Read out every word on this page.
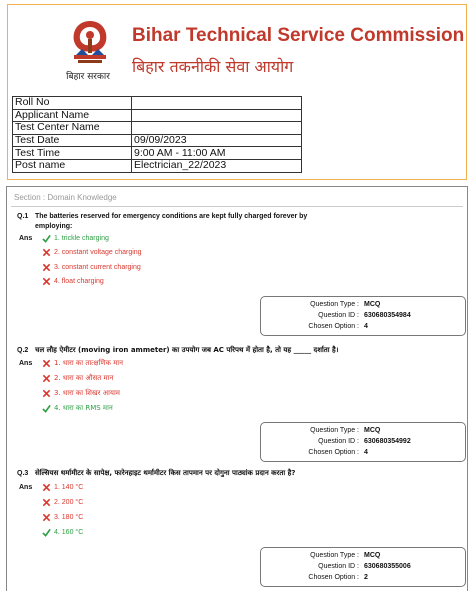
बिहार सरकार
Bihar Technical Service Commission
बिहार तकनीकी सेवा आयोग
Roll No	
Applicant Name	
Test Center Name	
Test Date	09/09/2023
Test Time	9:00 AM - 11:00 AM
Post name	Electrician_22/2023
Section : Domain Knowledge
Q.1 The batteries reserved for emergency conditions are kept fully charged forever by
employing:
Ans	1. trickle charging
2. constant voltage charging
3. constant current charging
4. float charging
Question Type : MCQ
Question ID : 630680354984
Chosen Option : 4
Q.2 चल लौह ऐमीटर (moving iron ammeter) का उपयोग जब AC परिपथ में होता है, तो यह _____ दर्शाता है।
Ans	1. धारा का तात्क्षणिक मान
2. धारा का औसत मान
3. धारा का शिखर आयाम
4. धारा का RMS मान
Question Type : MCQ
Question ID : 630680354992
Chosen Option : 4
Q.3 सेल्सियस थर्मामीटर के सापेक्ष, फारेनहाइट थर्मामीटर किस तापमान पर दोगुना पाठ्यांक प्रदान करता है?
Ans	1. 140 °C
2. 200 °C
3. 180 °C
4. 160 °C
Question Type : MCQ
Question ID : 630680355006
Chosen Option : 2
